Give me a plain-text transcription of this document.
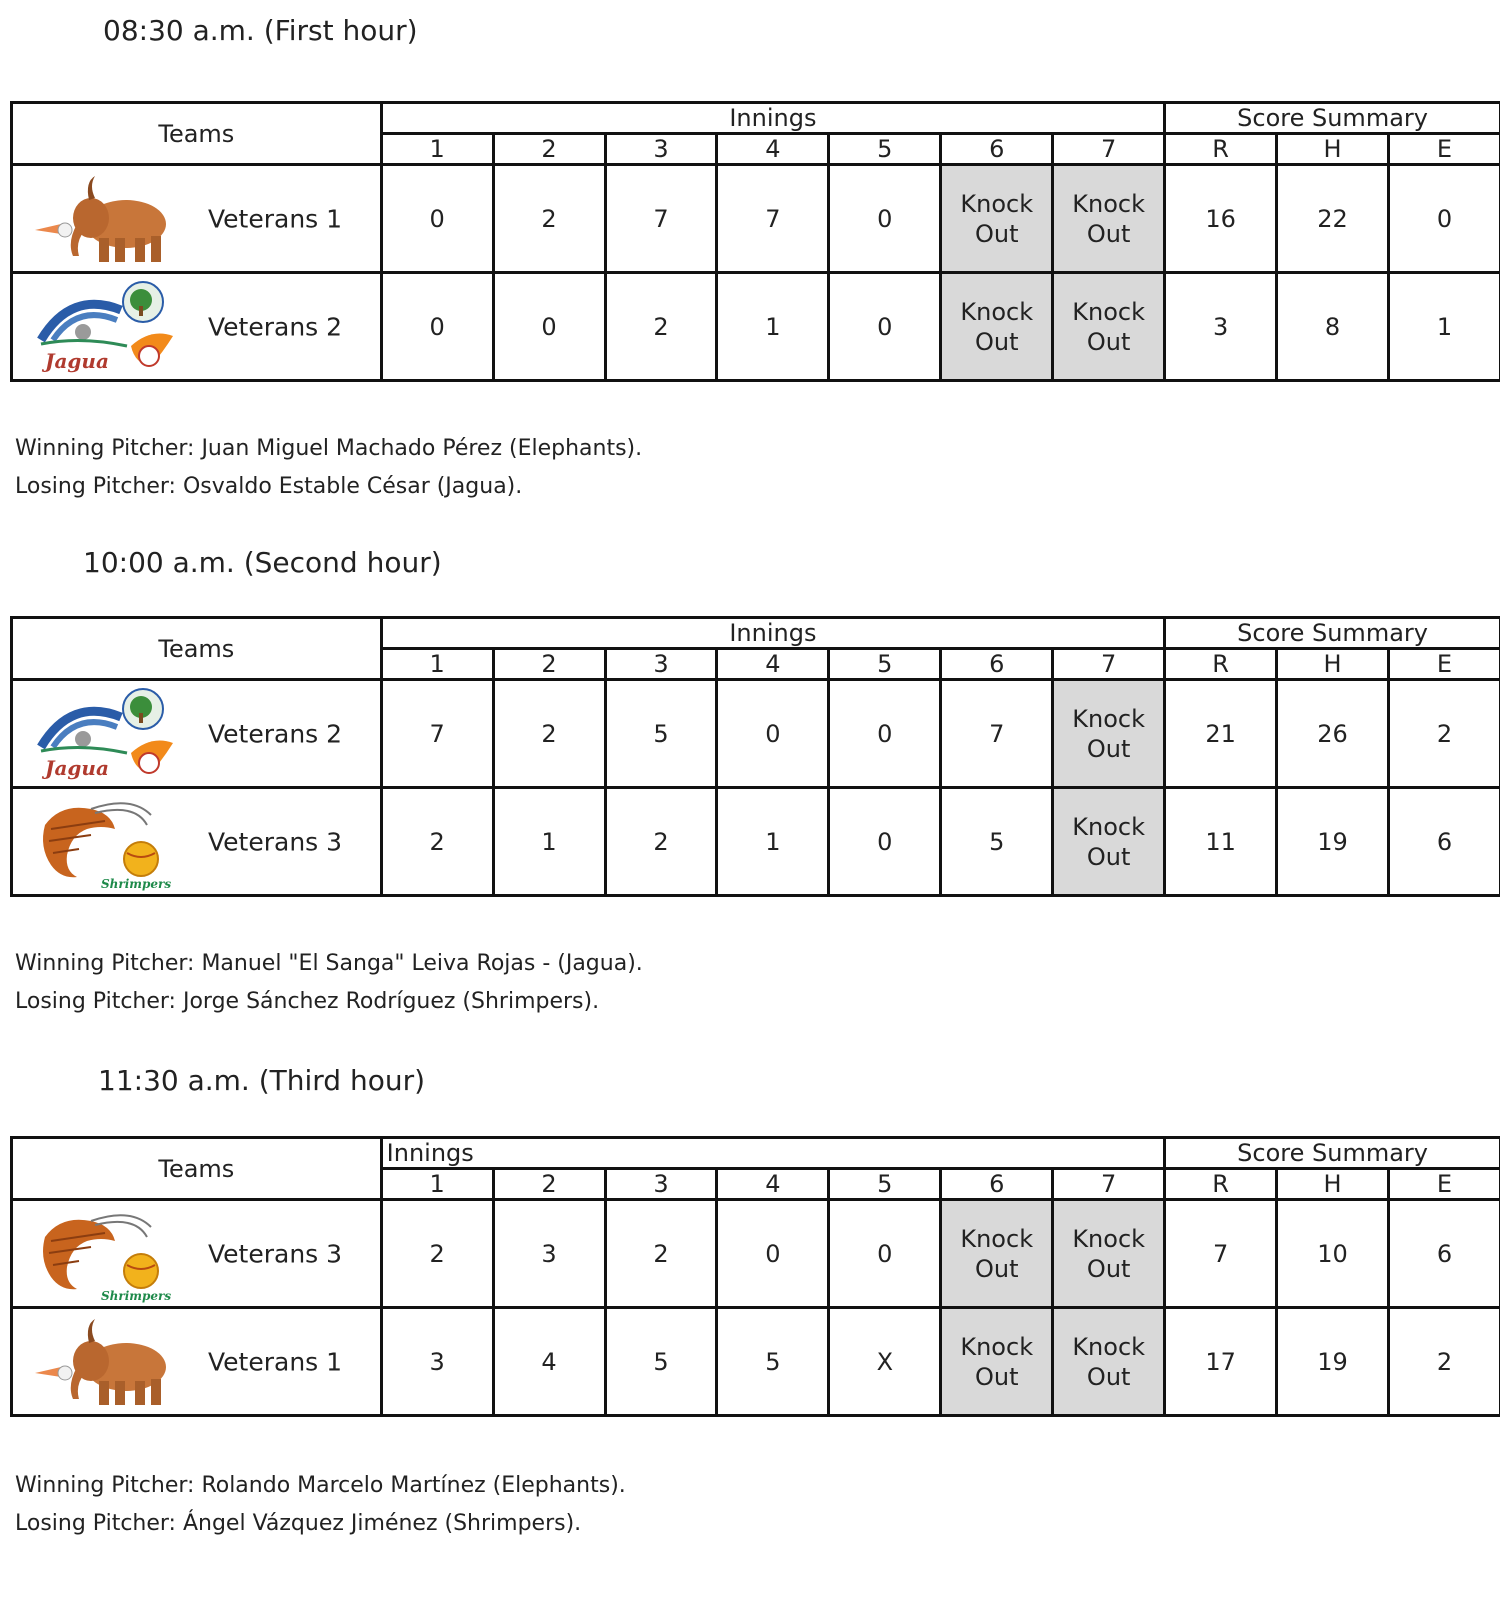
08:30 a.m. (First hour)
Teams	Innings							Score Summary		
	1	2	3	4	5	6	7	R	H	E

Veterans 1	0	2	7	7	0	Knock Out	Knock Out	16	22	0

Jagua
Veterans 2	0	0	2	1	0	Knock Out	Knock Out	3	8	1
Winning Pitcher: Juan Miguel Machado Pérez (Elephants).
Losing Pitcher: Osvaldo Estable César (Jagua).
10:00 a.m. (Second hour)
Teams	Innings							Score Summary		
	1	2	3	4	5	6	7	R	H	E

Jagua
Veterans 2	7	2	5	0	0	7	Knock Out	21	26	2

Shrimpers
Veterans 3	2	1	2	1	0	5	Knock Out	11	19	6
Winning Pitcher: Manuel "El Sanga" Leiva Rojas - (Jagua).
Losing Pitcher: Jorge Sánchez Rodríguez (Shrimpers).
11:30 a.m. (Third hour)
Teams	Innings							Score Summary		
	1	2	3	4	5	6	7	R	H	E

Shrimpers
Veterans 3	2	3	2	0	0	Knock Out	Knock Out	7	10	6

Veterans 1	3	4	5	5	X	Knock Out	Knock Out	17	19	2
Winning Pitcher: Rolando Marcelo Martínez (Elephants).
Losing Pitcher: Ángel Vázquez Jiménez (Shrimpers).
